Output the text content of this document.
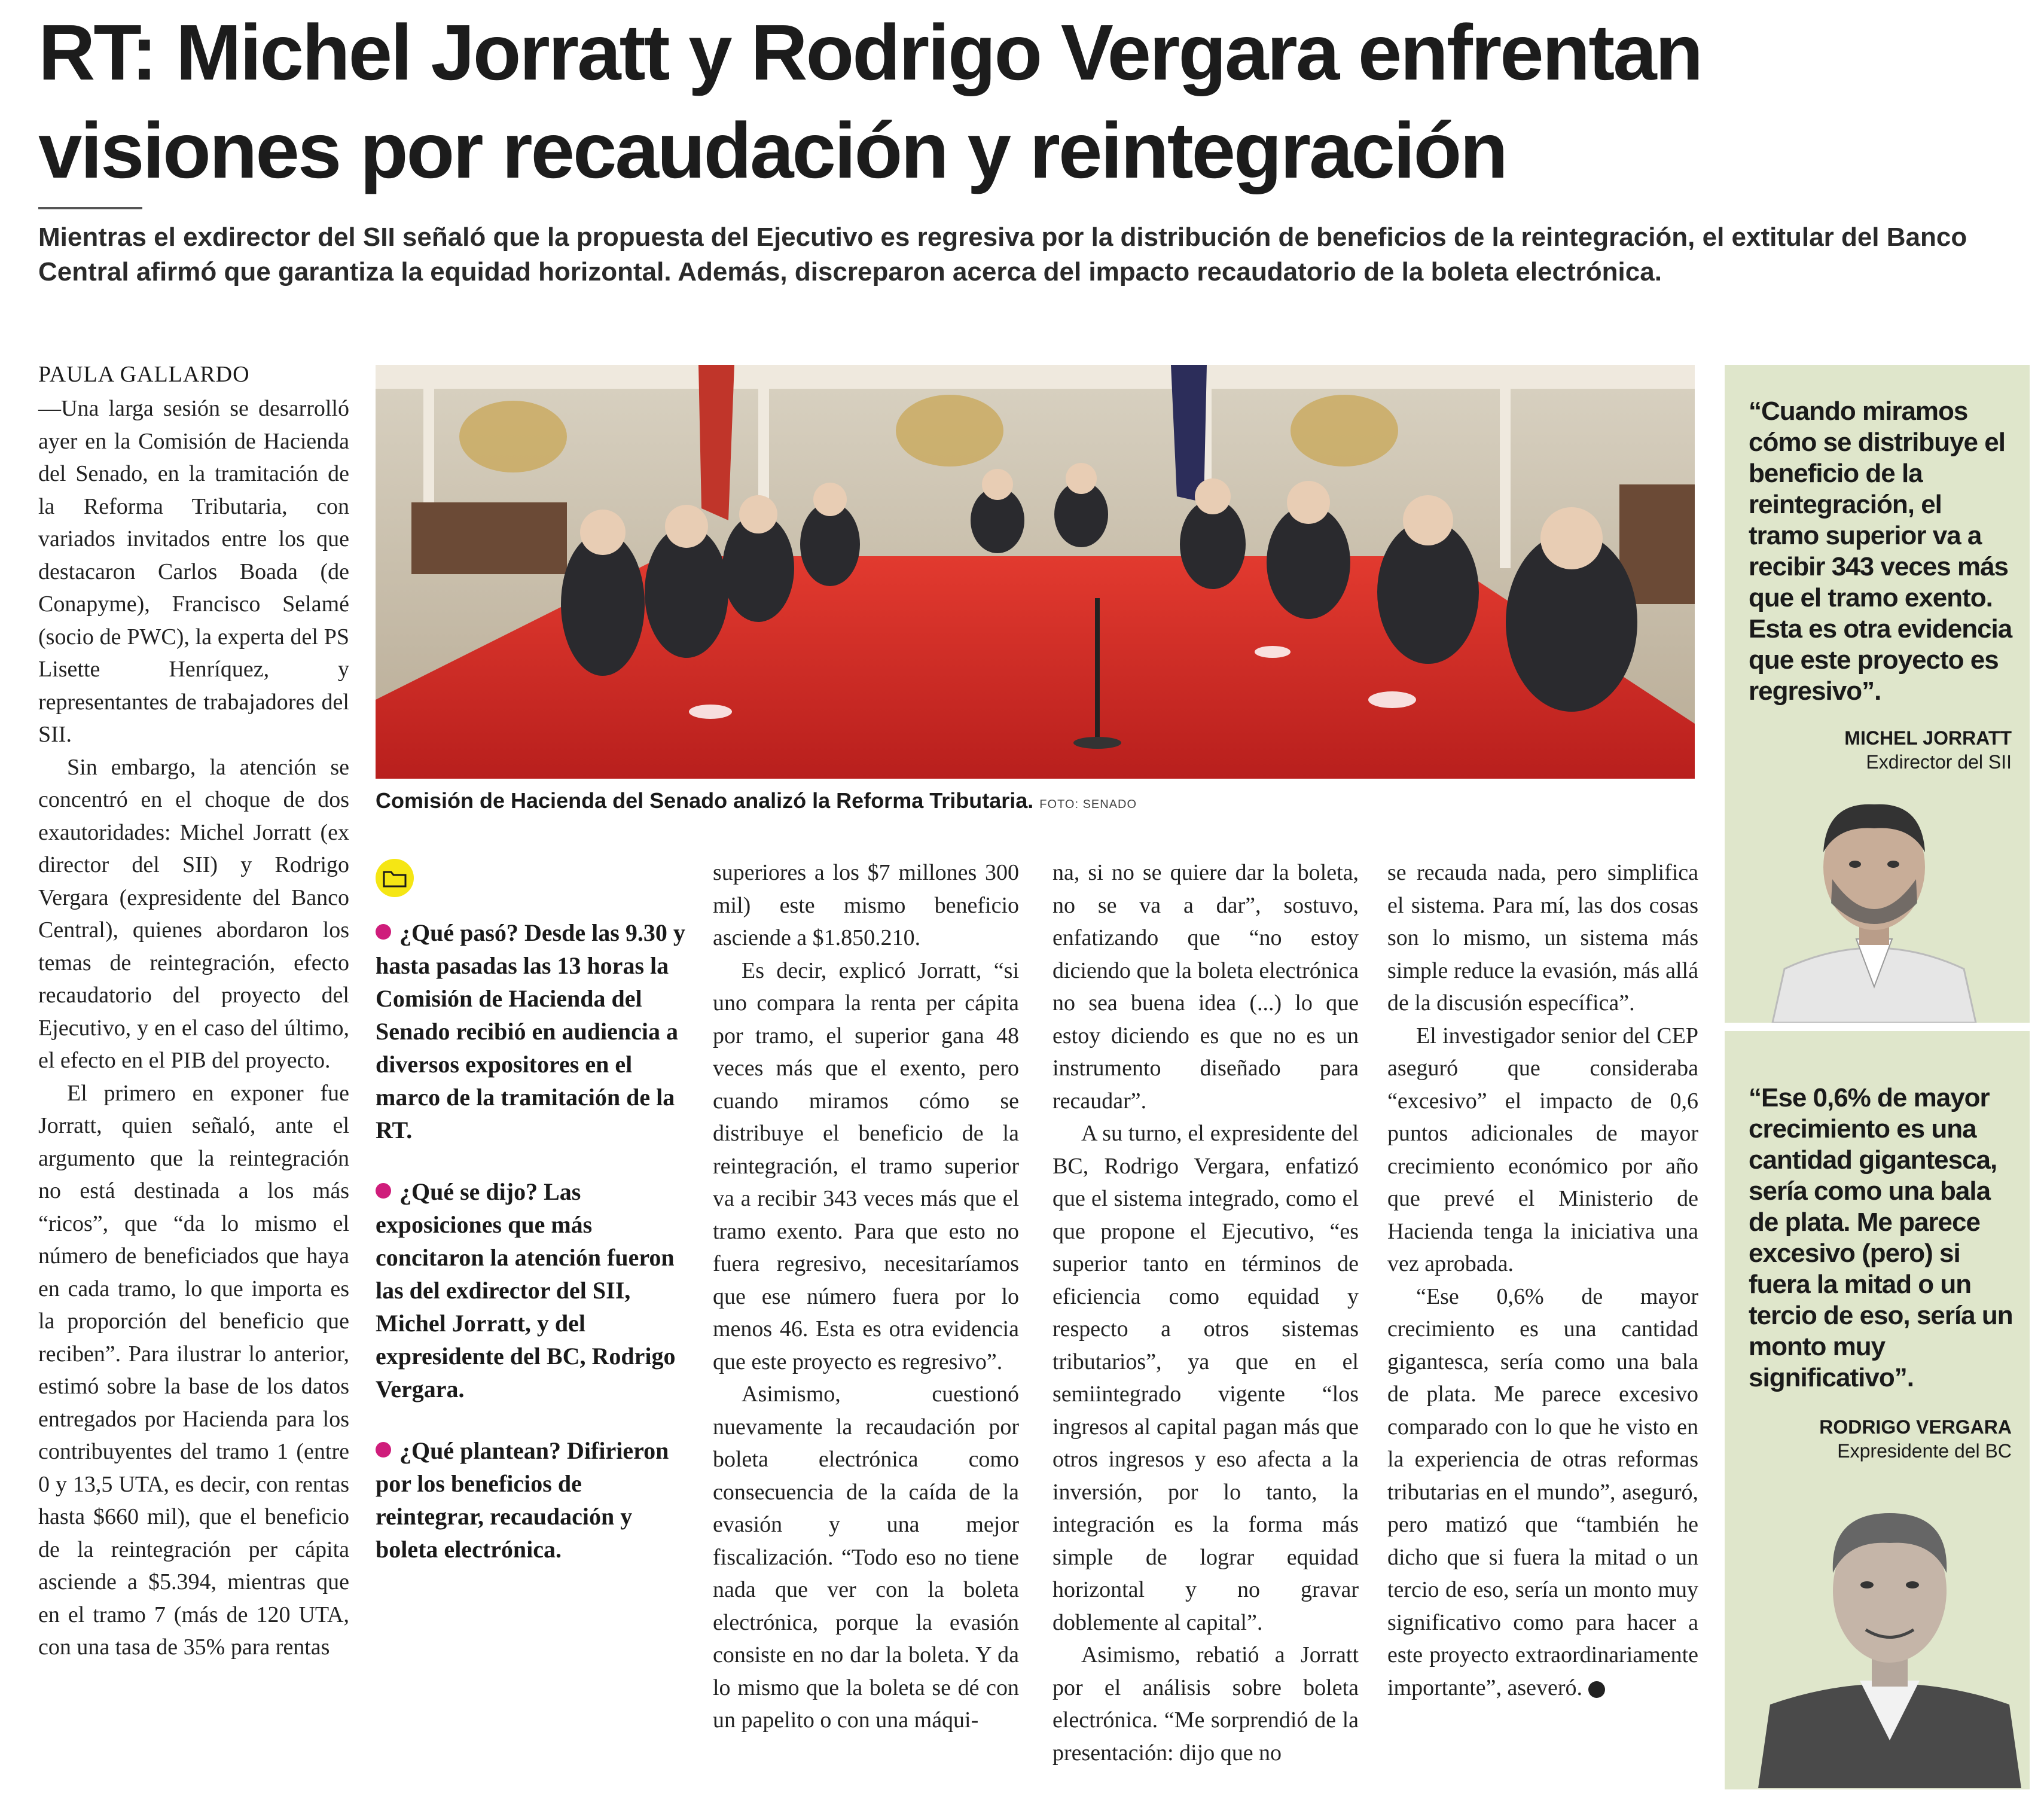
RT: Michel Jorratt y Rodrigo Vergara enfrentan
visiones por recaudación y reintegración
Mientras el exdirector del SII señaló que la propuesta del Ejecutivo es regresiva por la distribución de beneficios de la reintegración, el extitular del Banco Central afirmó que garantiza la equidad horizontal. Además, discreparon acerca del impacto recaudatorio de la boleta electrónica.
PAULA GALLARDO

—Una larga sesión se desarrolló ayer en la Comisión de Hacienda del Senado, en la tramitación de la Reforma Tributaria, con variados invitados entre los que destacaron Carlos Boada (de Conapyme), Francisco Selamé (socio de PWC), la experta del PS Lisette Henríquez, y representantes de trabajadores del SII.

Sin embargo, la atención se concentró en el choque de dos exautoridades: Michel Jorratt (ex director del SII) y Rodrigo Vergara (expresidente del Banco Central), quienes abordaron los temas de reintegración, efecto recaudatorio del proyecto del Ejecutivo, y en el caso del último, el efecto en el PIB del proyecto.

El primero en exponer fue Jorratt, quien señaló, ante el argumento que la reintegración no está destinada a los más “ricos”, que “da lo mismo el número de beneficiados que haya en cada tramo, lo que importa es la proporción del beneficio que reciben”. Para ilustrar lo anterior, estimó sobre la base de los datos entregados por Hacienda para los contribuyentes del tramo 1 (entre 0 y 13,5 UTA, es decir, con rentas hasta $660 mil), que el beneficio de la reintegración per cápita asciende a $5.394, mientras que en el tramo 7 (más de 120 UTA, con una tasa de 35% para rentas

Comisión de Hacienda del Senado analizó la Reforma Tributaria. FOTO: SENADO

¿Qué pasó? Desde las 9.30 y hasta pasadas las 13 horas la Comisión de Hacienda del Senado recibió en audiencia a diversos expositores en el marco de la tramitación de la RT.

¿Qué se dijo? Las exposiciones que más concitaron la atención fueron las del exdirector del SII, Michel Jorratt, y del expresidente del BC, Rodrigo Vergara.

¿Qué plantean? Difirieron por los beneficios de reintegrar, recaudación y boleta electrónica.

superiores a los $7 millones 300 mil) este mismo beneficio asciende a $1.850.210.

Es decir, explicó Jorratt, “si uno compara la renta per cápita por tramo, el superior gana 48 veces más que el exento, pero cuando miramos cómo se distribuye el beneficio de la reintegración, el tramo superior va a recibir 343 veces más que el tramo exento. Para que esto no fuera regresivo, necesitaríamos que ese número fuera por lo menos 46. Esta es otra evidencia que este proyecto es regresivo”.

Asimismo, cuestionó nuevamente la recaudación por boleta electrónica como consecuencia de la caída de la evasión y una mejor fiscalización. “Todo eso no tiene nada que ver con la boleta electrónica, porque la evasión consiste en no dar la boleta. Y da lo mismo que la boleta se dé con un papelito o con una máqui-

na, si no se quiere dar la boleta, no se va a dar”, sostuvo, enfatizando que “no estoy diciendo que la boleta electrónica no sea buena idea (...) lo que estoy diciendo es que no es un instrumento diseñado para recaudar”.

A su turno, el expresidente del BC, Rodrigo Vergara, enfatizó que el sistema integrado, como el que propone el Ejecutivo, “es superior tanto en términos de eficiencia como equidad y respecto a otros sistemas tributarios”, ya que en el semiintegrado vigente “los ingresos al capital pagan más que otros ingresos y eso afecta a la inversión, por lo tanto, la integración es la forma más simple de lograr equidad horizontal y no gravar doblemente al capital”.

Asimismo, rebatió a Jorratt por el análisis sobre boleta electrónica. “Me sorprendió de la presentación: dijo que no

se recauda nada, pero simplifica el sistema. Para mí, las dos cosas son lo mismo, un sistema más simple reduce la evasión, más allá de la discusión específica”.

El investigador senior del CEP aseguró que consideraba “excesivo” el impacto de 0,6 puntos adicionales de mayor crecimiento económico por año que prevé el Ministerio de Hacienda tenga la iniciativa una vez aprobada.

“Ese 0,6% de mayor crecimiento es una cantidad gigantesca, sería como una bala de plata. Me parece excesivo comparado con lo que he visto en la experiencia de otras reformas tributarias en el mundo”, aseguró, pero matizó que “también he dicho que si fuera la mitad o un tercio de eso, sería un monto muy significativo como para hacer a este proyecto extraordinariamente importante”, aseveró.	P

“Cuando miramos cómo se distribuye el beneficio de la reintegración, el tramo superior va a recibir 343 veces más que el tramo exento. Esta es otra evidencia que este proyecto es regresivo”.
MICHEL JORRATT
Exdirector del SII
“Ese 0,6% de mayor crecimiento es una cantidad gigantesca, sería como una bala de plata. Me parece excesivo (pero) si fuera la mitad o un tercio de eso, sería un monto muy significativo”.
RODRIGO VERGARA
Expresidente del BC
